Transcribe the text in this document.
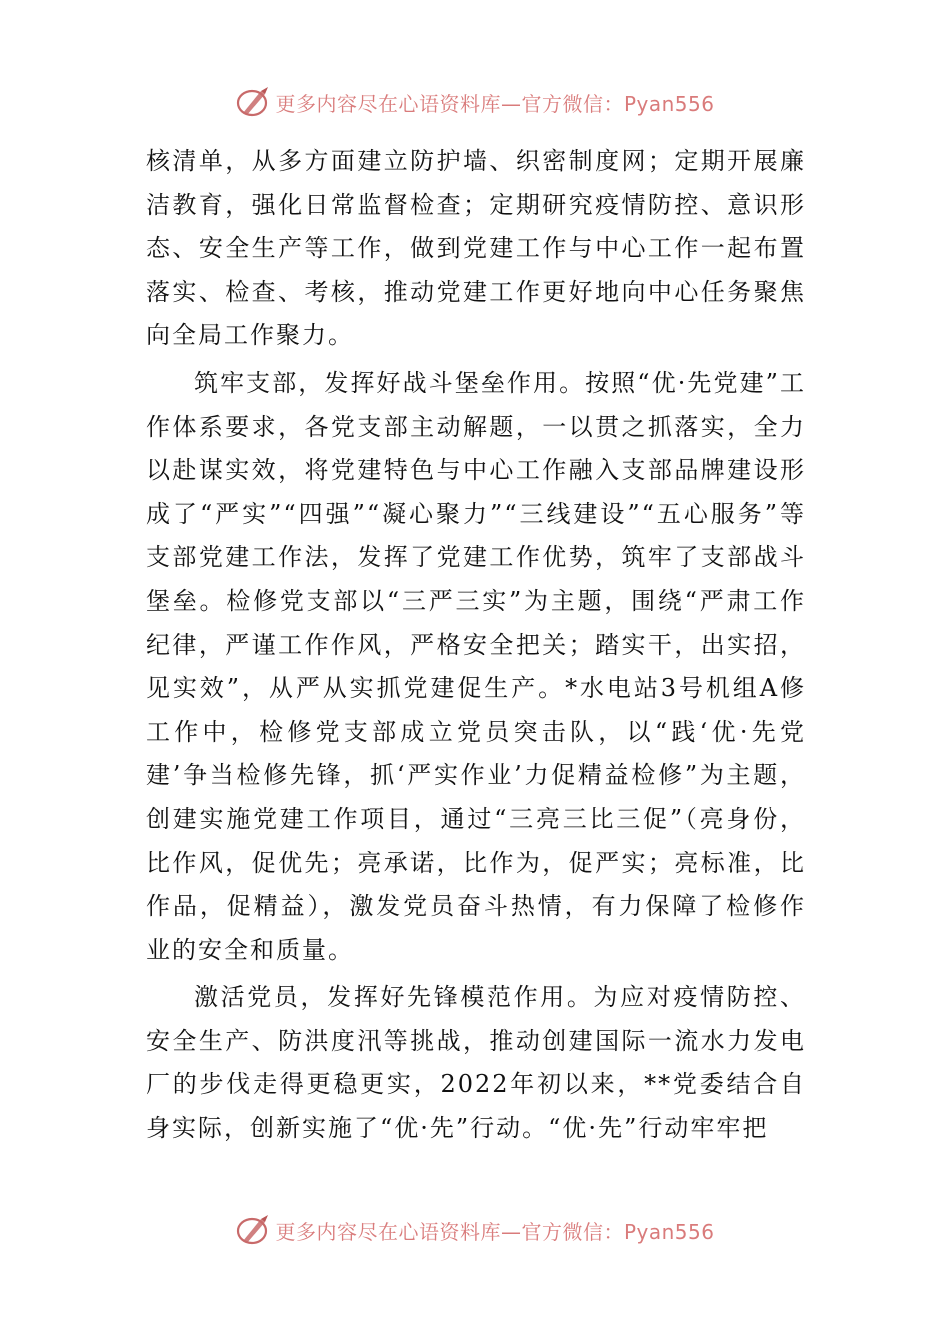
更多内容尽在心语资料库—官方微信：Pyan556

核清单，从多方面建立防护墙、织密制度网；定期开展廉洁教育，强化日常监督检查；定期研究疫情防控、意识形态、安全生产等工作，做到党建工作与中心工作一起布置落实、检查、考核，推动党建工作更好地向中心任务聚焦向全局工作聚力。

筑牢支部，发挥好战斗堡垒作用。按照“优·先党建”工作体系要求，各党支部主动解题，一以贯之抓落实，全力以赴谋实效，将党建特色与中心工作融入支部品牌建设形成了“严实”“四强”“凝心聚力”“三线建设”“五心服务”等支部党建工作法，发挥了党建工作优势，筑牢了支部战斗堡垒。检修党支部以“三严三实”为主题，围绕“严肃工作纪律，严谨工作作风，严格安全把关；踏实干，出实招，见实效”，从严从实抓党建促生产。*水电站3号机组A修工作中，检修党支部成立党员突击队，以“践‘优·先党建’争当检修先锋，抓‘严实作业’力促精益检修”为主题，创建实施党建工作项目，通过“三亮三比三促”（亮身份，比作风，促优先；亮承诺，比作为，促严实；亮标准，比作品，促精益），激发党员奋斗热情，有力保障了检修作业的安全和质量。

激活党员，发挥好先锋模范作用。为应对疫情防控、安全生产、防洪度汛等挑战，推动创建国际一流水力发电厂的步伐走得更稳更实，2022年初以来，**党委结合自身实际，创新实施了“优·先”行动。“优·先”行动牢牢把

更多内容尽在心语资料库—官方微信：Pyan556
